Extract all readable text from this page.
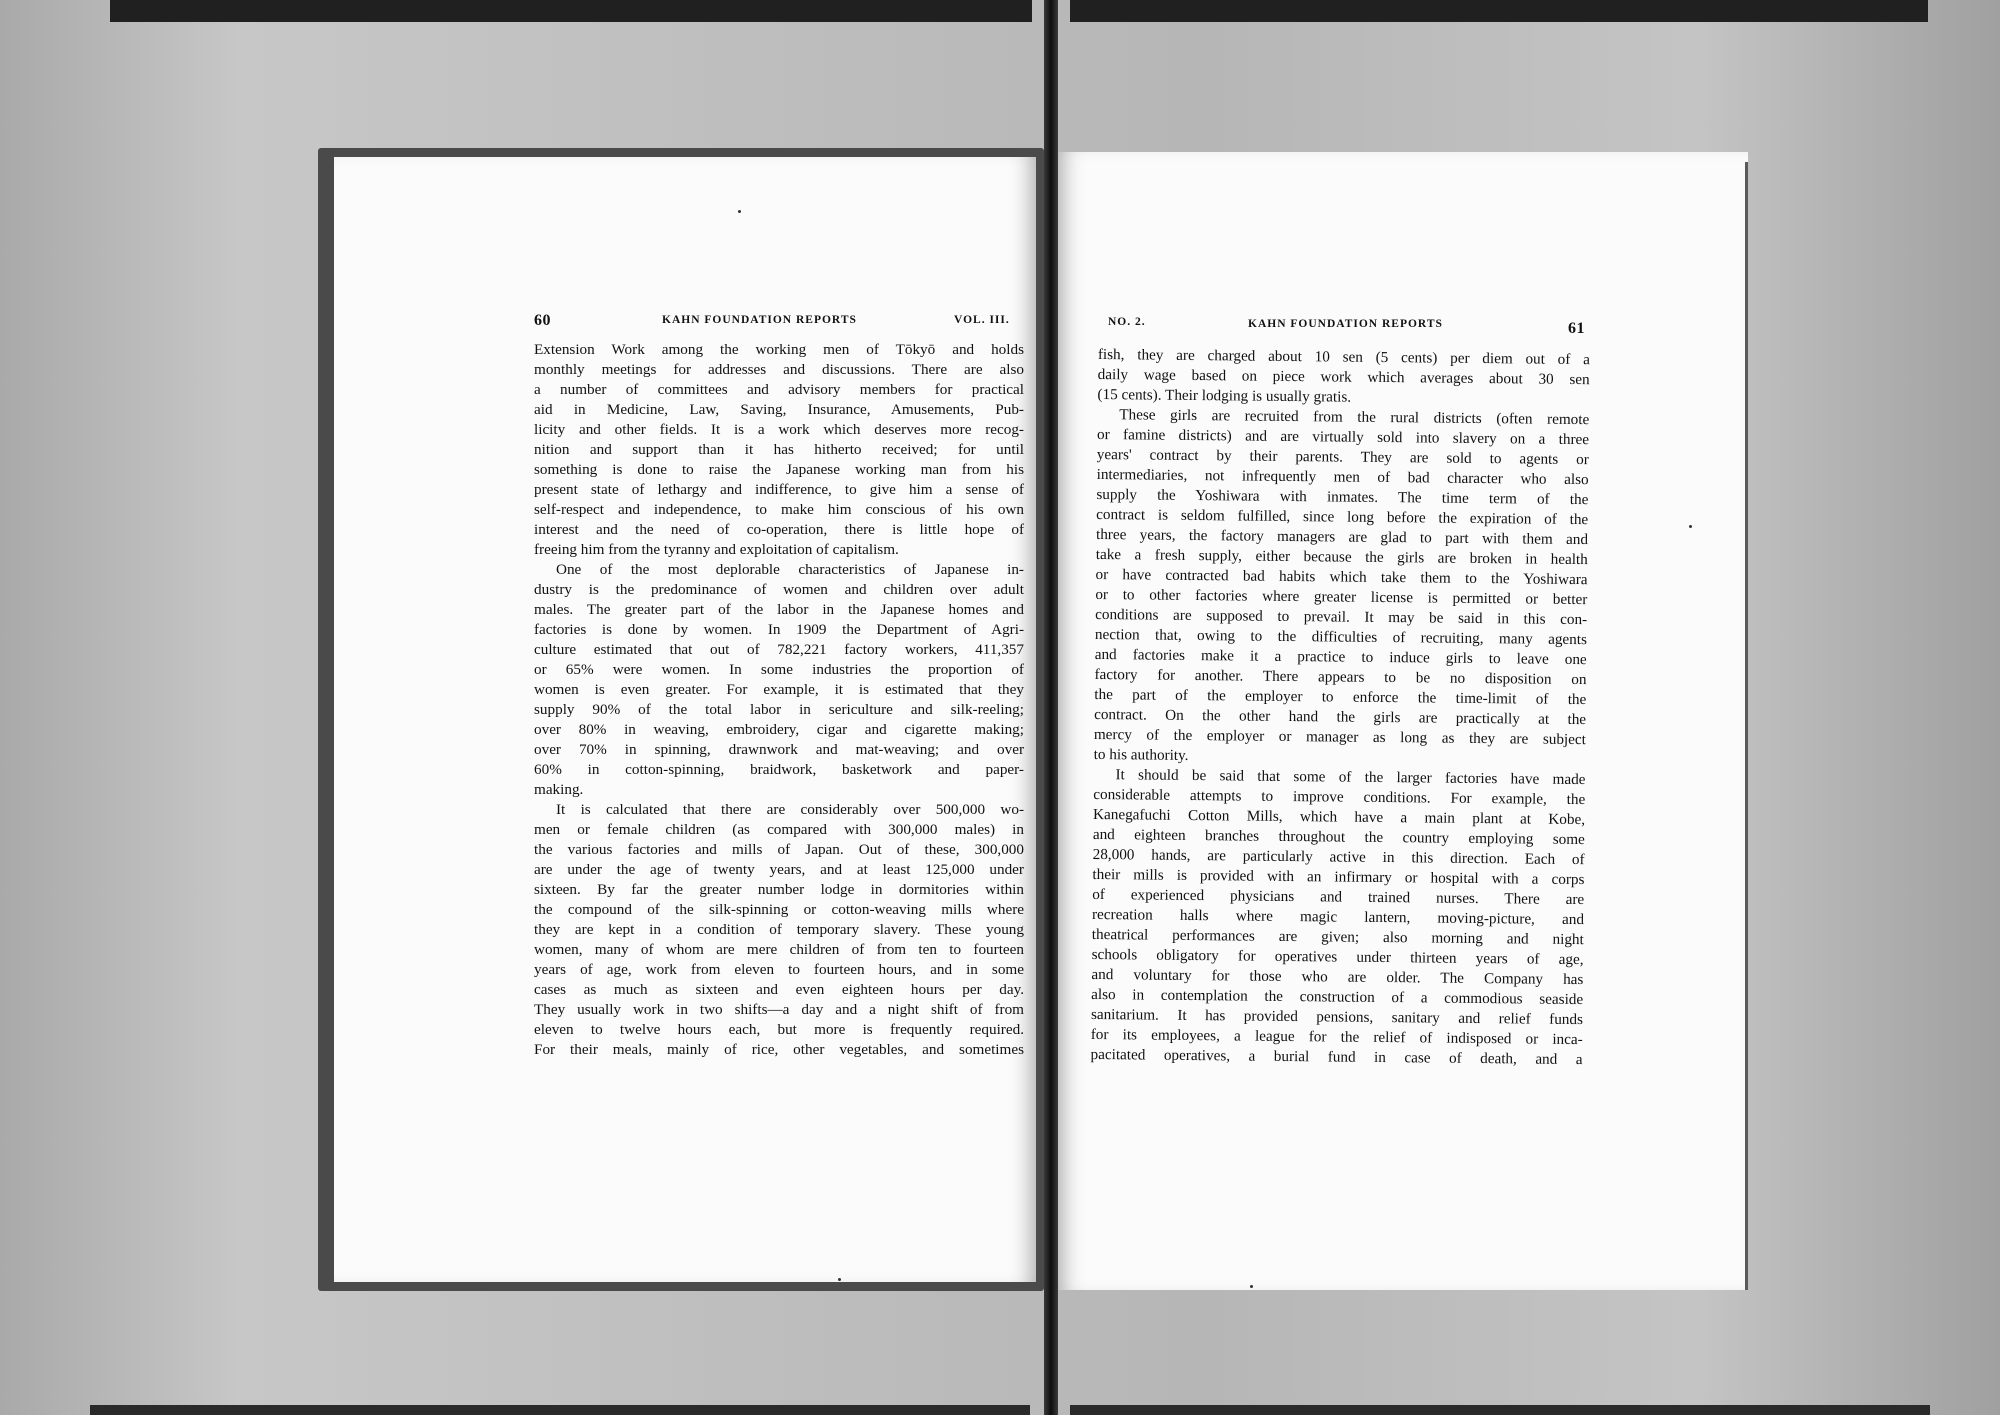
60	KAHN FOUNDATION REPORTS	VOL. III.
Extension Work among the working men of Tōkyō and holds
monthly meetings for addresses and discussions. There are also
a number of committees and advisory members for practical
aid in Medicine, Law, Saving, Insurance, Amusements, Pub-
licity and other fields. It is a work which deserves more recog-
nition and support than it has hitherto received; for until
something is done to raise the Japanese working man from his
present state of lethargy and indifference, to give him a sense of
self-respect and independence, to make him conscious of his own
interest and the need of co-operation, there is little hope of
freeing him from the tyranny and exploitation of capitalism.
One of the most deplorable characteristics of Japanese in-
dustry is the predominance of women and children over adult
males. The greater part of the labor in the Japanese homes and
factories is done by women. In 1909 the Department of Agri-
culture estimated that out of 782,221 factory workers, 411,357
or 65% were women. In some industries the proportion of
women is even greater. For example, it is estimated that they
supply 90% of the total labor in sericulture and silk-reeling;
over 80% in weaving, embroidery, cigar and cigarette making;
over 70% in spinning, drawnwork and mat-weaving; and over
60% in cotton-spinning, braidwork, basketwork and paper-
making.
It is calculated that there are considerably over 500,000 wo-
men or female children (as compared with 300,000 males) in
the various factories and mills of Japan. Out of these, 300,000
are under the age of twenty years, and at least 125,000 under
sixteen. By far the greater number lodge in dormitories within
the compound of the silk-spinning or cotton-weaving mills where
they are kept in a condition of temporary slavery. These young
women, many of whom are mere children of from ten to fourteen
years of age, work from eleven to fourteen hours, and in some
cases as much as sixteen and even eighteen hours per day.
They usually work in two shifts—a day and a night shift of from
eleven to twelve hours each, but more is frequently required.
For their meals, mainly of rice, other vegetables, and sometimes
NO. 2.	KAHN FOUNDATION REPORTS	61
fish, they are charged about 10 sen (5 cents) per diem out of a
daily wage based on piece work which averages about 30 sen
(15 cents). Their lodging is usually gratis.
These girls are recruited from the rural districts (often remote
or famine districts) and are virtually sold into slavery on a three
years' contract by their parents. They are sold to agents or
intermediaries, not infrequently men of bad character who also
supply the Yoshiwara with inmates. The time term of the
contract is seldom fulfilled, since long before the expiration of the
three years, the factory managers are glad to part with them and
take a fresh supply, either because the girls are broken in health
or have contracted bad habits which take them to the Yoshiwara
or to other factories where greater license is permitted or better
conditions are supposed to prevail. It may be said in this con-
nection that, owing to the difficulties of recruiting, many agents
and factories make it a practice to induce girls to leave one
factory for another. There appears to be no disposition on
the part of the employer to enforce the time-limit of the
contract. On the other hand the girls are practically at the
mercy of the employer or manager as long as they are subject
to his authority.
It should be said that some of the larger factories have made
considerable attempts to improve conditions. For example, the
Kanegafuchi Cotton Mills, which have a main plant at Kobe,
and eighteen branches throughout the country employing some
28,000 hands, are particularly active in this direction. Each of
their mills is provided with an infirmary or hospital with a corps
of experienced physicians and trained nurses. There are
recreation halls where magic lantern, moving-picture, and
theatrical performances are given; also morning and night
schools obligatory for operatives under thirteen years of age,
and voluntary for those who are older. The Company has
also in contemplation the construction of a commodious seaside
sanitarium. It has provided pensions, sanitary and relief funds
for its employees, a league for the relief of indisposed or inca-
pacitated operatives, a burial fund in case of death, and a
